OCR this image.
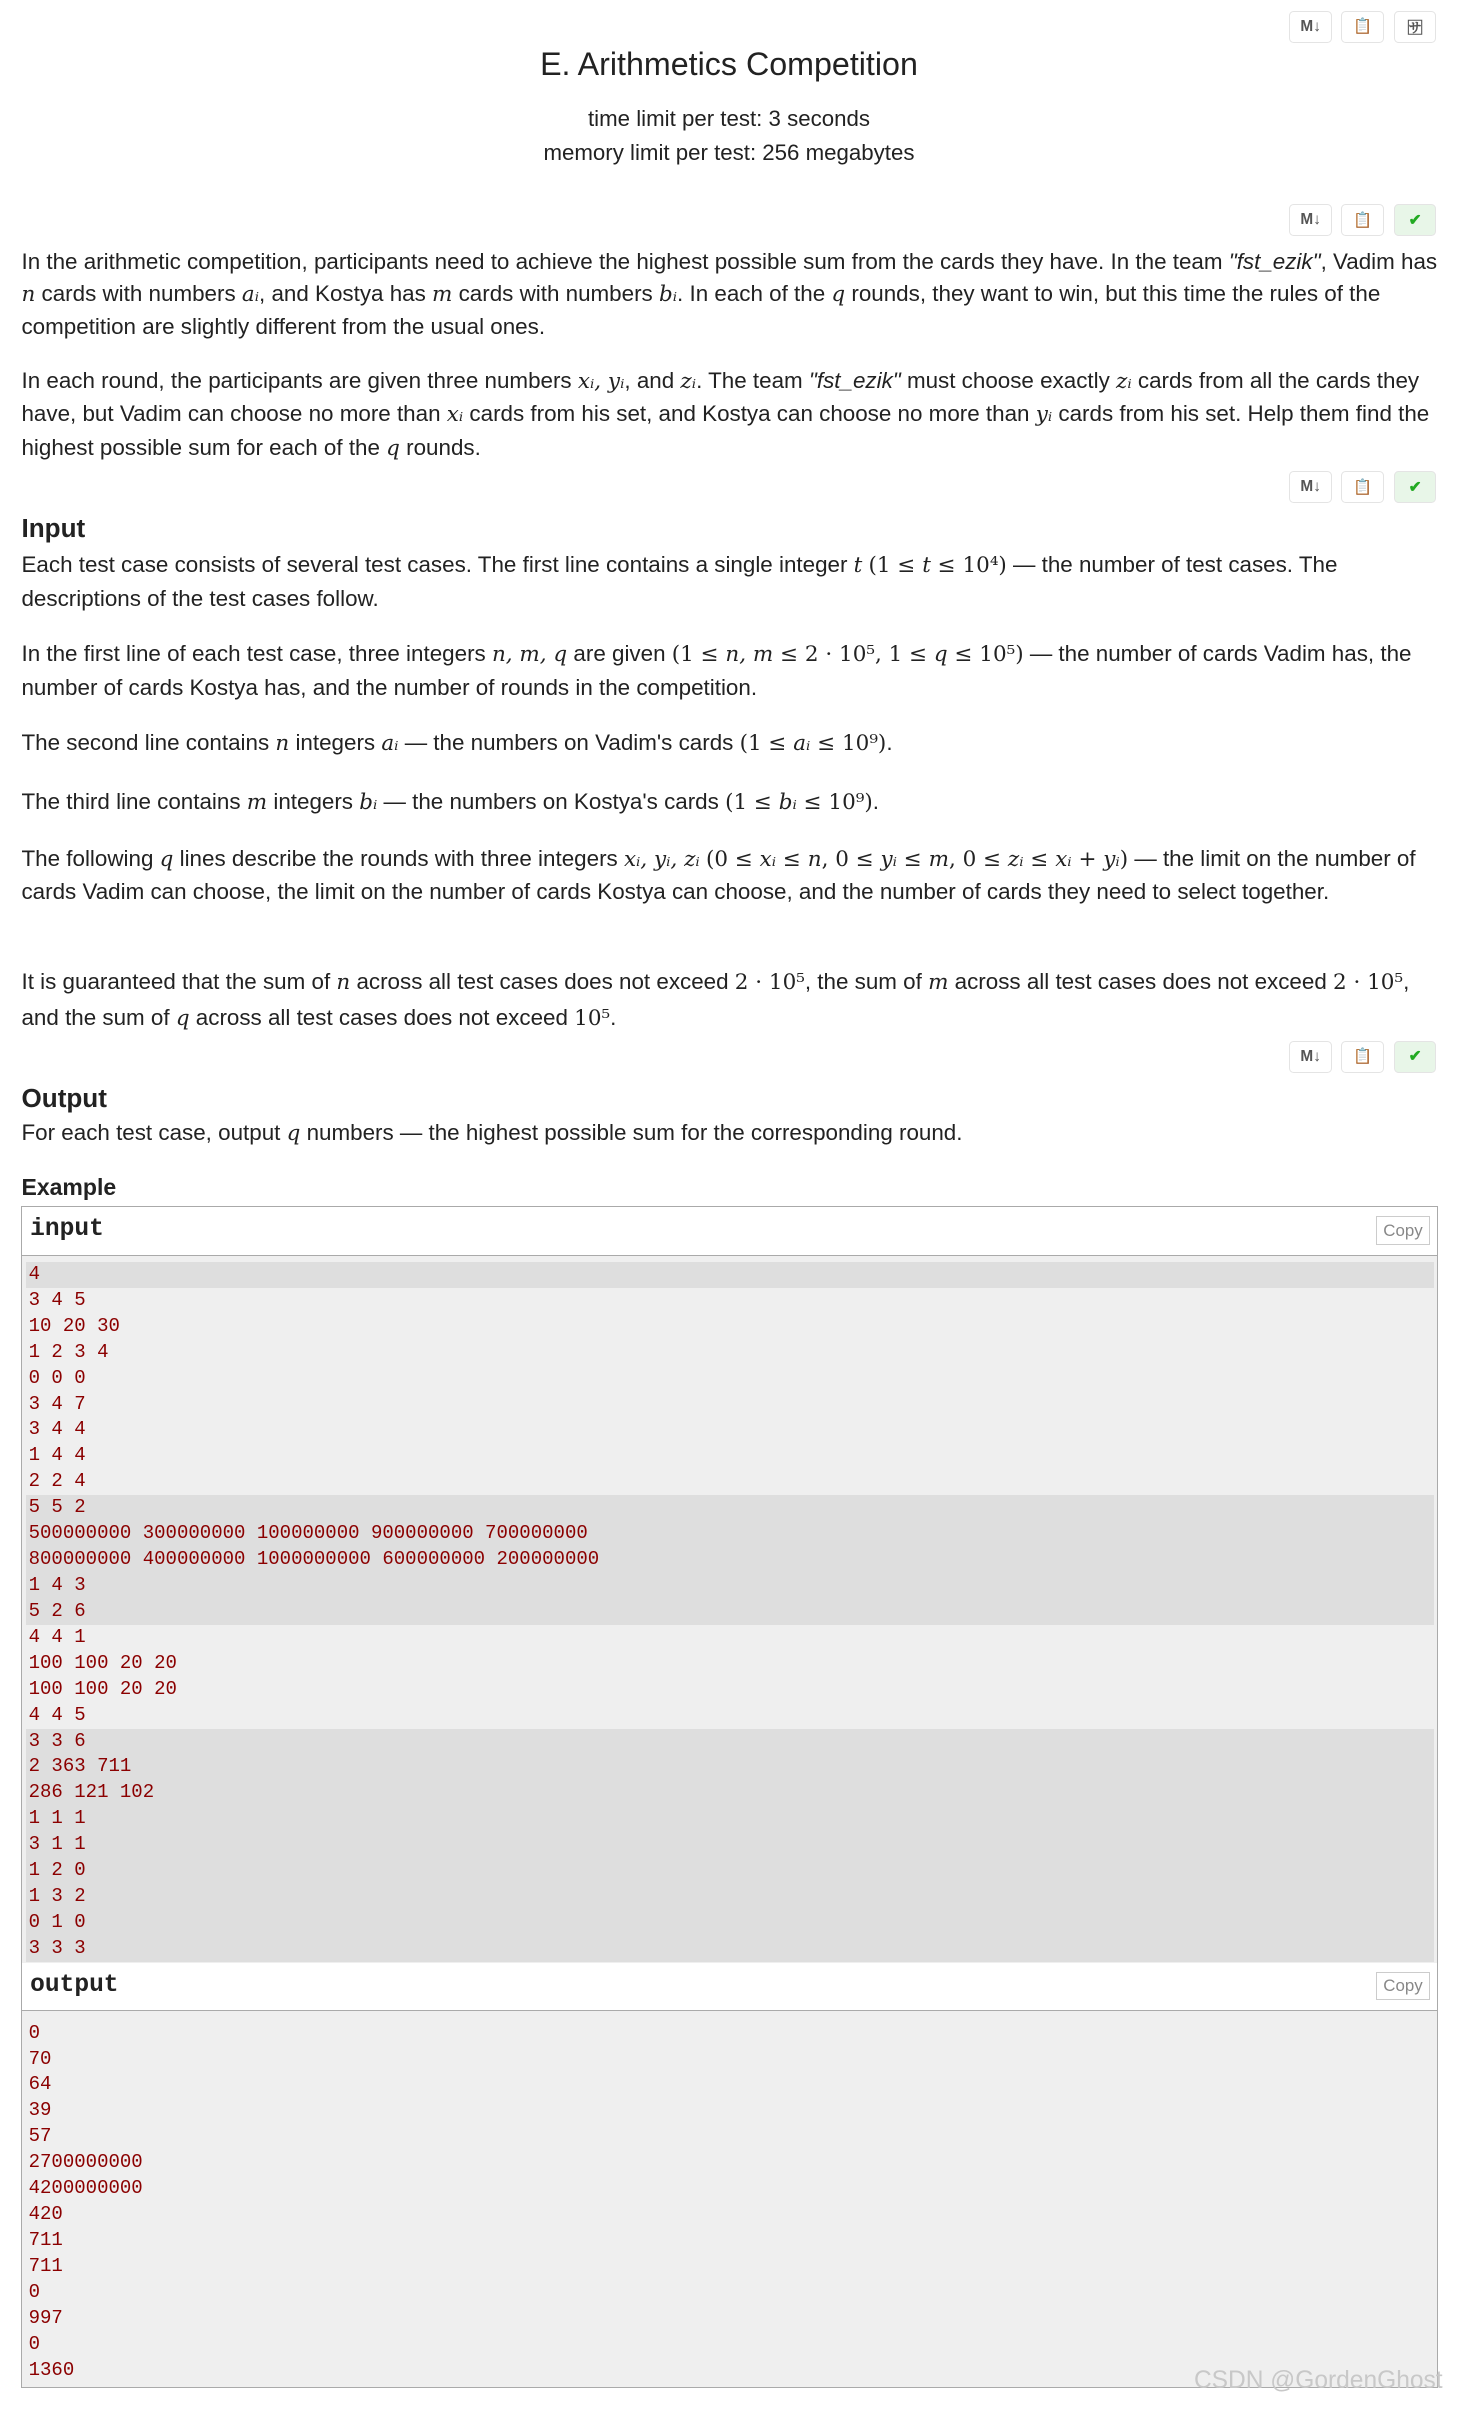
M↓	📋	🈂
E. Arithmetics Competition
time limit per test: 3 seconds
memory limit per test: 256 megabytes
M↓	📋	✔
In the arithmetic competition, participants need to achieve the highest possible sum from the cards they have. In the team "fst_ezik", Vadim has n cards with numbers aᵢ, and Kostya has m cards with numbers bᵢ. In each of the q rounds, they want to win, but this time the rules of the competition are slightly different from the usual ones.
In each round, the participants are given three numbers xᵢ, yᵢ, and zᵢ. The team "fst_ezik" must choose exactly zᵢ cards from all the cards they have, but Vadim can choose no more than xᵢ cards from his set, and Kostya can choose no more than yᵢ cards from his set. Help them find the highest possible sum for each of the q rounds.
M↓	📋	✔
Input
Each test case consists of several test cases. The first line contains a single integer t (1 ≤ t ≤ 10⁴) — the number of test cases. The descriptions of the test cases follow.
In the first line of each test case, three integers n, m, q are given (1 ≤ n, m ≤ 2 · 10⁵, 1 ≤ q ≤ 10⁵) — the number of cards Vadim has, the number of cards Kostya has, and the number of rounds in the competition.
The second line contains n integers aᵢ — the numbers on Vadim's cards (1 ≤ aᵢ ≤ 10⁹).
The third line contains m integers bᵢ — the numbers on Kostya's cards (1 ≤ bᵢ ≤ 10⁹).
The following q lines describe the rounds with three integers xᵢ, yᵢ, zᵢ (0 ≤ xᵢ ≤ n, 0 ≤ yᵢ ≤ m, 0 ≤ zᵢ ≤ xᵢ + yᵢ) — the limit on the number of cards Vadim can choose, the limit on the number of cards Kostya can choose, and the number of cards they need to select together.
It is guaranteed that the sum of n across all test cases does not exceed 2 · 10⁵, the sum of m across all test cases does not exceed 2 · 10⁵, and the sum of q across all test cases does not exceed 10⁵.
M↓	📋	✔
Output
For each test case, output q numbers — the highest possible sum for the corresponding round.
Example
input	Copy
4
3 4 5
10 20 30
1 2 3 4
0 0 0
3 4 7
3 4 4
1 4 4
2 2 4
5 5 2
500000000 300000000 100000000 900000000 700000000
800000000 400000000 1000000000 600000000 200000000
1 4 3
5 2 6
4 4 1
100 100 20 20
100 100 20 20
4 4 5
3 3 6
2 363 711
286 121 102
1 1 1
3 1 1
1 2 0
1 3 2
0 1 0
3 3 3
output	Copy
0
70
64
39
57
2700000000
4200000000
420
711
711
0
997
0
1360	CSDN @GordenGhost
